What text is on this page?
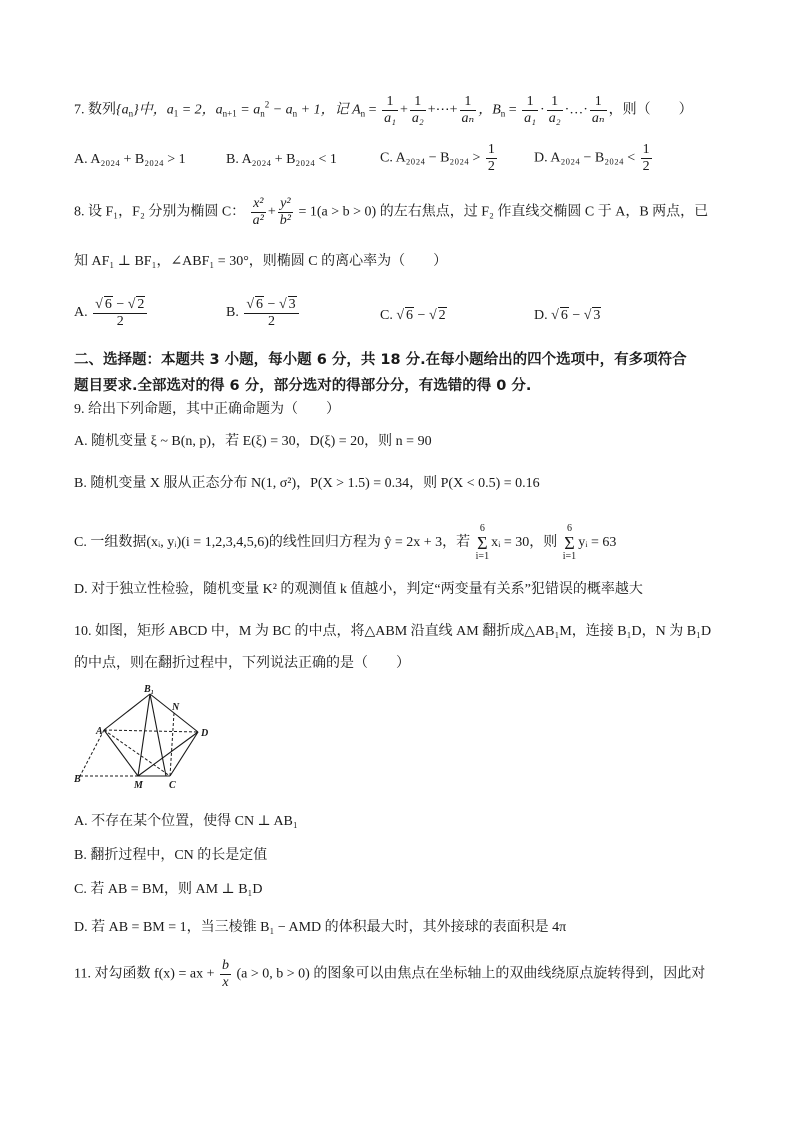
7. 数列$\{a_n\}$中，$a_1 = 2$，$a_{n+1} = a_n^2 - a_n + 1$，记 $A_n = \frac{1}{\text{a₁}} + \frac{1}{\text{a₂}}$ +⋯+ $\frac{1}{\text{aₙ}}$ ，$B_n = \frac{1}{\text{a₁}} \cdot \frac{1}{\text{a₂}}$ ·…· $\frac{1}{\text{aₙ}}$ ，则（　　）
A. A₂₀₂₄ + B₂₀₂₄ > 1	B. A₂₀₂₄ + B₂₀₂₄ < 1	C. $A_{2024} - B_{2024} > \frac{1}{2}$	D. $A_{2024} - B_{2024} < \frac{1}{2}$
8. 设 F₁，F₂ 分别为椭圆 C： $\frac{\text{x²}}{\text{a²}} + \frac{\text{y²}}{\text{b²}} = 1(a > b > 0)$ 的左右焦点，过 F₂ 作直线交椭圆 C 于 A，B 两点，已
知 AF₁ ⊥ BF₁，∠ABF₁ = 30°，则椭圆 C 的离心率为（　　）
A. $\frac{√ 6 - √ 2}{2}$	B. $\frac{√ 6 - √ 3}{2}$	C. √ 6 − √ 2	D. √ 6 − √ 3
二、选择题：本题共 3 小题，每小题 6 分，共 18 分.在每小题给出的四个选项中，有多项符合
题目要求.全部选对的得 6 分，部分选对的得部分分，有选错的得 0 分.
9. 给出下列命题，其中正确命题为（　　）
A. 随机变量 ξ ~ B(n, p)，若 E(ξ) = 30，D(ξ) = 20，则 n = 90
B. 随机变量 X 服从正态分布 N(1, σ²)，P(X > 1.5) = 0.34，则 P(X < 0.5) = 0.16
C. 一组数据(xᵢ, yᵢ)(i = 1,2,3,4,5,6)的线性回归方程为 ŷ = 2x + 3，若
6
Σ
i=1
xᵢ = 30，则
6
Σ
i=1
yᵢ = 63
D. 对于独立性检验，随机变量 K² 的观测值 k 值越小，判定“两变量有关系”犯错误的概率越大
10. 如图，矩形 ABCD 中，M 为 BC 的中点，将△ABM 沿直线 AM 翻折成△AB₁M，连接 B₁D，N 为 B₁D
的中点，则在翻折过程中，下列说法正确的是（　　）
B₁
N
A	D
B
M	C
A. 不存在某个位置，使得 CN ⊥ AB₁
B. 翻折过程中，CN 的长是定值
C. 若 AB = BM，则 AM ⊥ B₁D
D. 若 AB = BM = 1，当三棱锥 B₁ − AMD 的体积最大时，其外接球的表面积是 4π
11. 对勾函数 f(x) = ax + $\frac{b}{x} (a > 0$, b > 0) 的图象可以由焦点在坐标轴上的双曲线绕原点旋转得到，因此对
